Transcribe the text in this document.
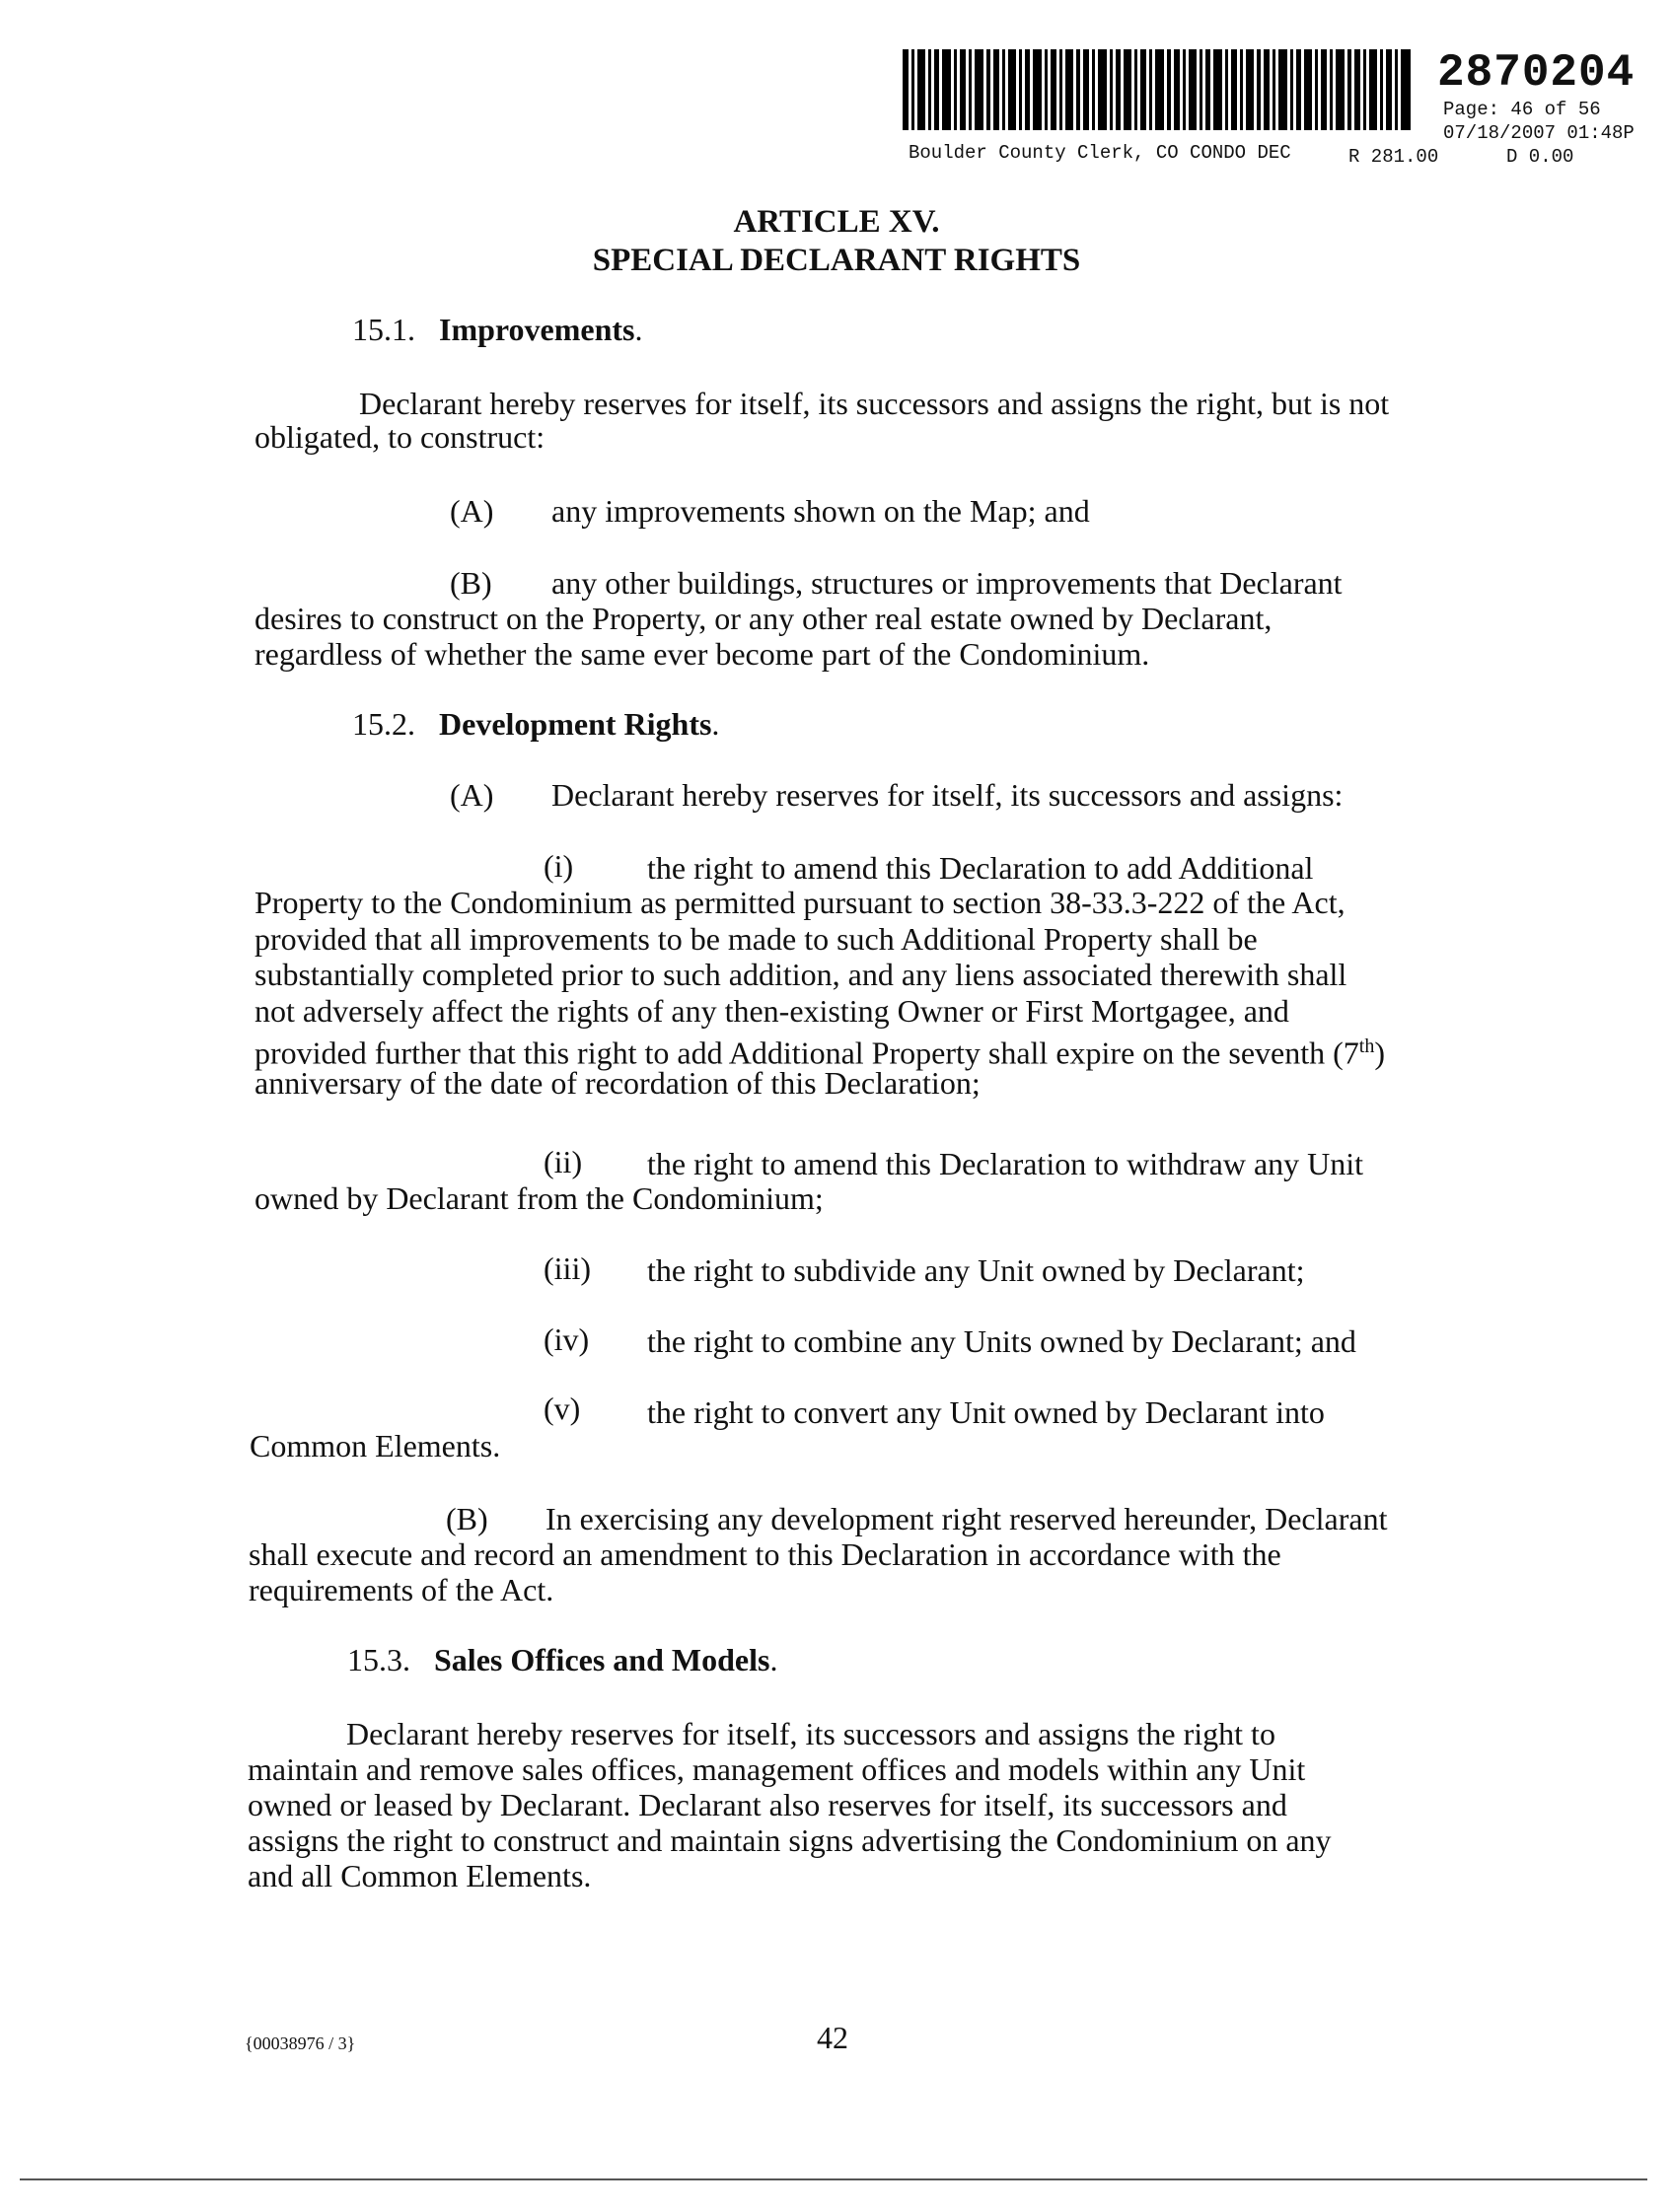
2870204
Page: 46 of 56
07/18/2007 01:48P
Boulder County Clerk, CO CONDO DEC	R 281.00	D 0.00
ARTICLE XV.
SPECIAL DECLARANT RIGHTS
15.1. Improvements.
Declarant hereby reserves for itself, its successors and assigns the right, but is not
obligated, to construct:
(A) any improvements shown on the Map; and
(B) any other buildings, structures or improvements that Declarant
desires to construct on the Property, or any other real estate owned by Declarant,
regardless of whether the same ever become part of the Condominium.
15.2. Development Rights.
(A) Declarant hereby reserves for itself, its successors and assigns:
(i) the right to amend this Declaration to add Additional
Property to the Condominium as permitted pursuant to section 38-33.3-222 of the Act,
provided that all improvements to be made to such Additional Property shall be
substantially completed prior to such addition, and any liens associated therewith shall
not adversely affect the rights of any then-existing Owner or First Mortgagee, and
provided further that this right to add Additional Property shall expire on the seventh (7th)
anniversary of the date of recordation of this Declaration;
(ii) the right to amend this Declaration to withdraw any Unit
owned by Declarant from the Condominium;
(iii) the right to subdivide any Unit owned by Declarant;
(iv) the right to combine any Units owned by Declarant; and
(v) the right to convert any Unit owned by Declarant into
Common Elements.
(B) In exercising any development right reserved hereunder, Declarant
shall execute and record an amendment to this Declaration in accordance with the
requirements of the Act.
15.3. Sales Offices and Models.
Declarant hereby reserves for itself, its successors and assigns the right to
maintain and remove sales offices, management offices and models within any Unit
owned or leased by Declarant. Declarant also reserves for itself, its successors and
assigns the right to construct and maintain signs advertising the Condominium on any
and all Common Elements.
{00038976 / 3}	42
